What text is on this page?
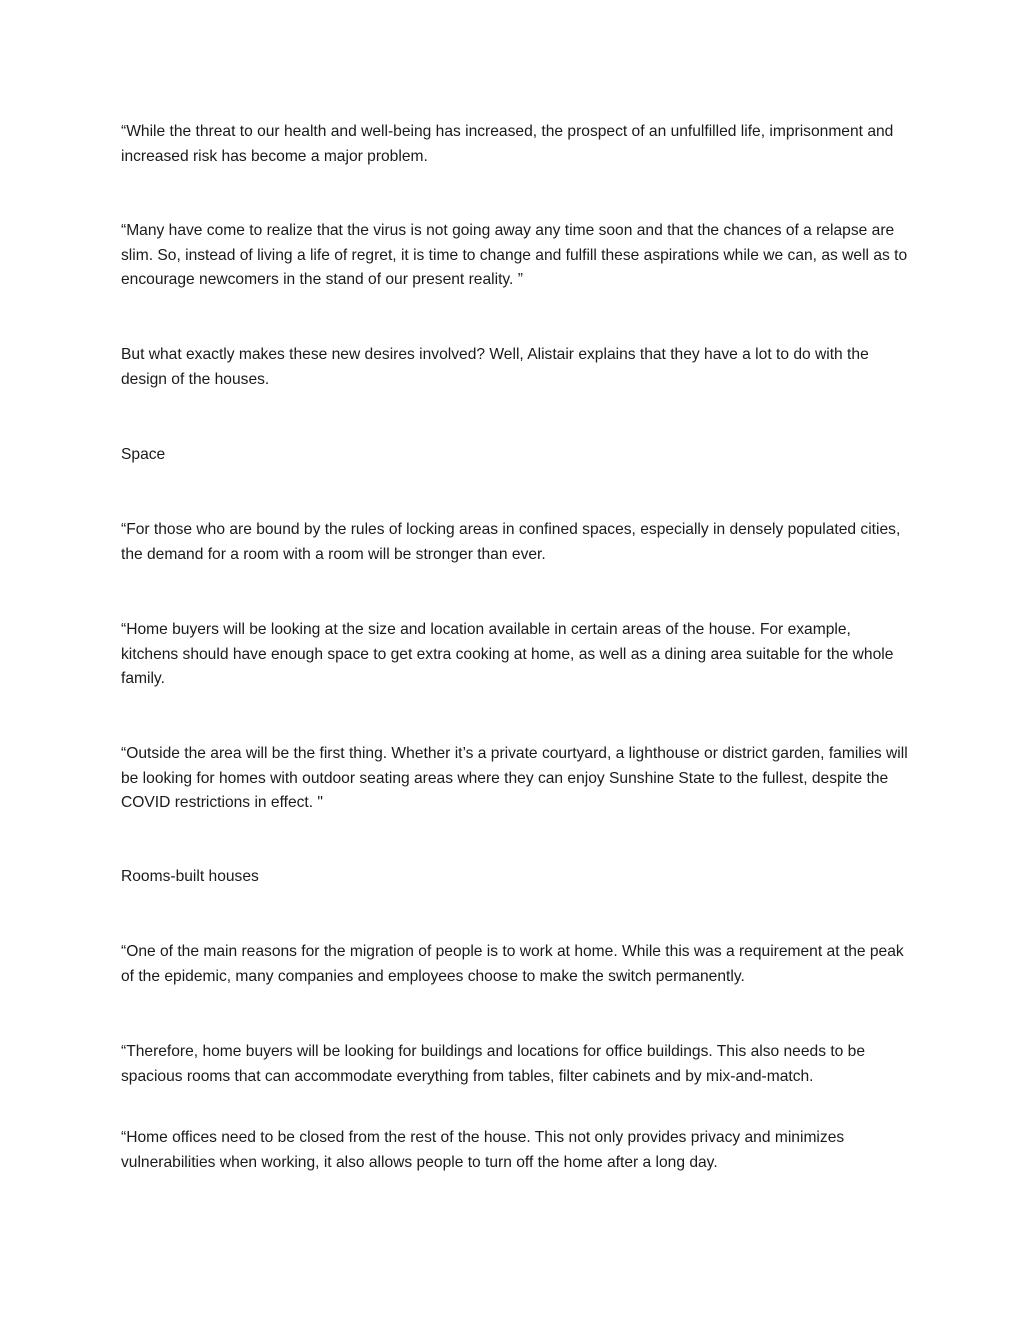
“While the threat to our health and well-being has increased, the prospect of an unfulfilled life, imprisonment and increased risk has become a major problem.

“Many have come to realize that the virus is not going away any time soon and that the chances of a relapse are slim. So, instead of living a life of regret, it is time to change and fulfill these aspirations while we can, as well as to encourage newcomers in the stand of our present reality. ”

But what exactly makes these new desires involved? Well, Alistair explains that they have a lot to do with the design of the houses.

Space

“For those who are bound by the rules of locking areas in confined spaces, especially in densely populated cities, the demand for a room with a room will be stronger than ever.

“Home buyers will be looking at the size and location available in certain areas of the house. For example, kitchens should have enough space to get extra cooking at home, as well as a dining area suitable for the whole family.

“Outside the area will be the first thing. Whether it’s a private courtyard, a lighthouse or district garden, families will be looking for homes with outdoor seating areas where they can enjoy Sunshine State to the fullest, despite the COVID restrictions in effect. "

Rooms-built houses

“One of the main reasons for the migration of people is to work at home. While this was a requirement at the peak of the epidemic, many companies and employees choose to make the switch permanently.

“Therefore, home buyers will be looking for buildings and locations for office buildings. This also needs to be spacious rooms that can accommodate everything from tables, filter cabinets and by mix-and-match.

“Home offices need to be closed from the rest of the house. This not only provides privacy and minimizes vulnerabilities when working, it also allows people to turn off the home after a long day.
